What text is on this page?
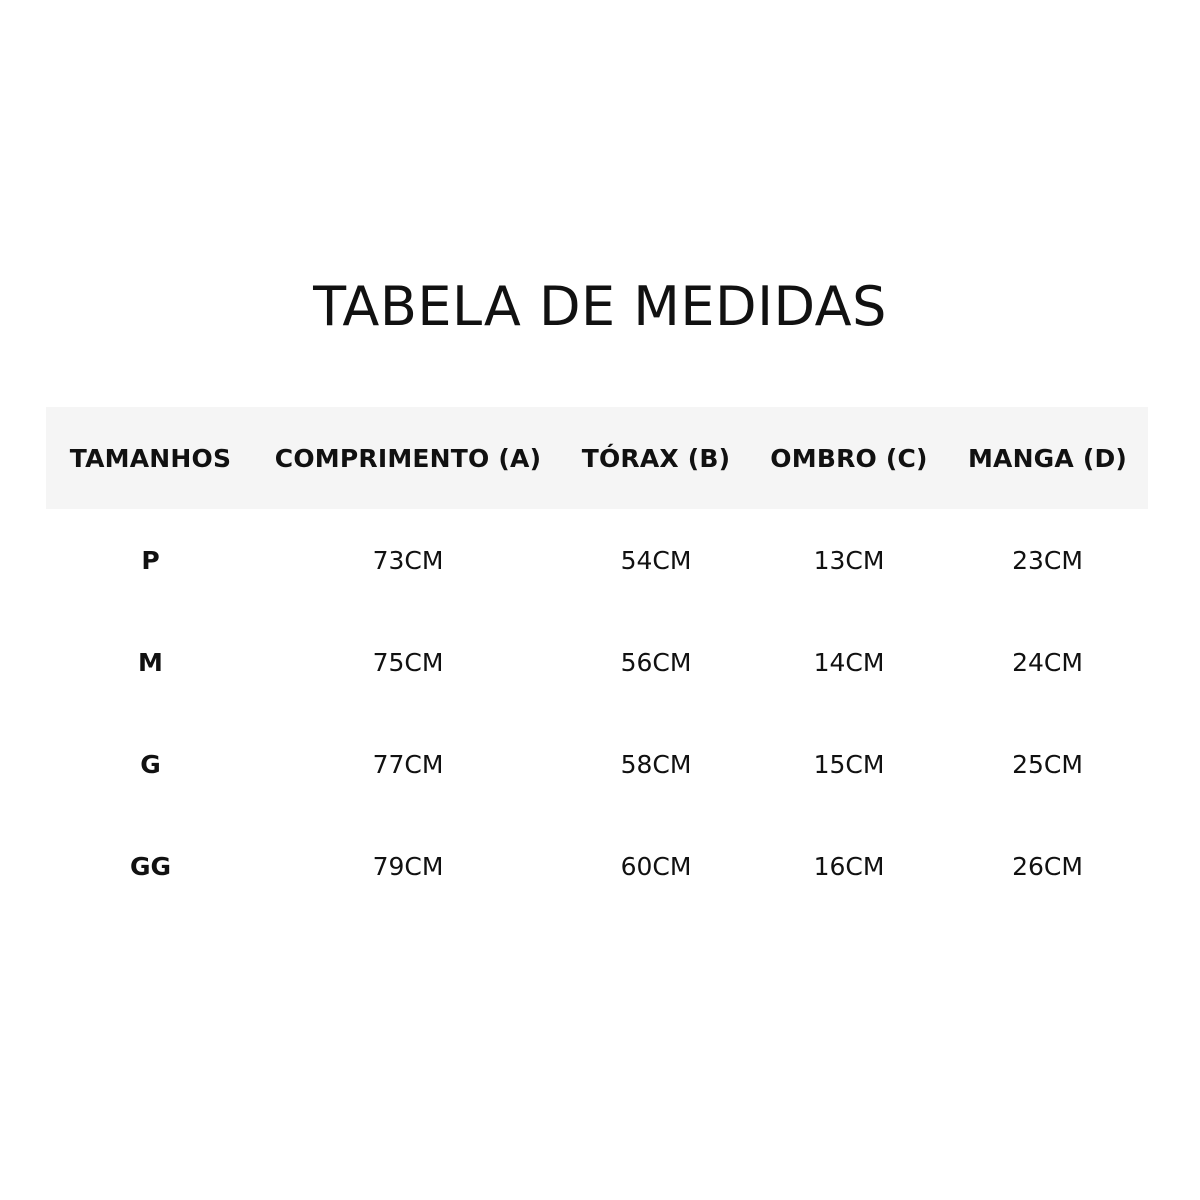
TABELA DE MEDIDAS
TAMANHOS	COMPRIMENTO (A)	TÓRAX (B)	OMBRO (C)	MANGA (D)
P	73CM	54CM	13CM	23CM
M	75CM	56CM	14CM	24CM
G	77CM	58CM	15CM	25CM
GG	79CM	60CM	16CM	26CM
